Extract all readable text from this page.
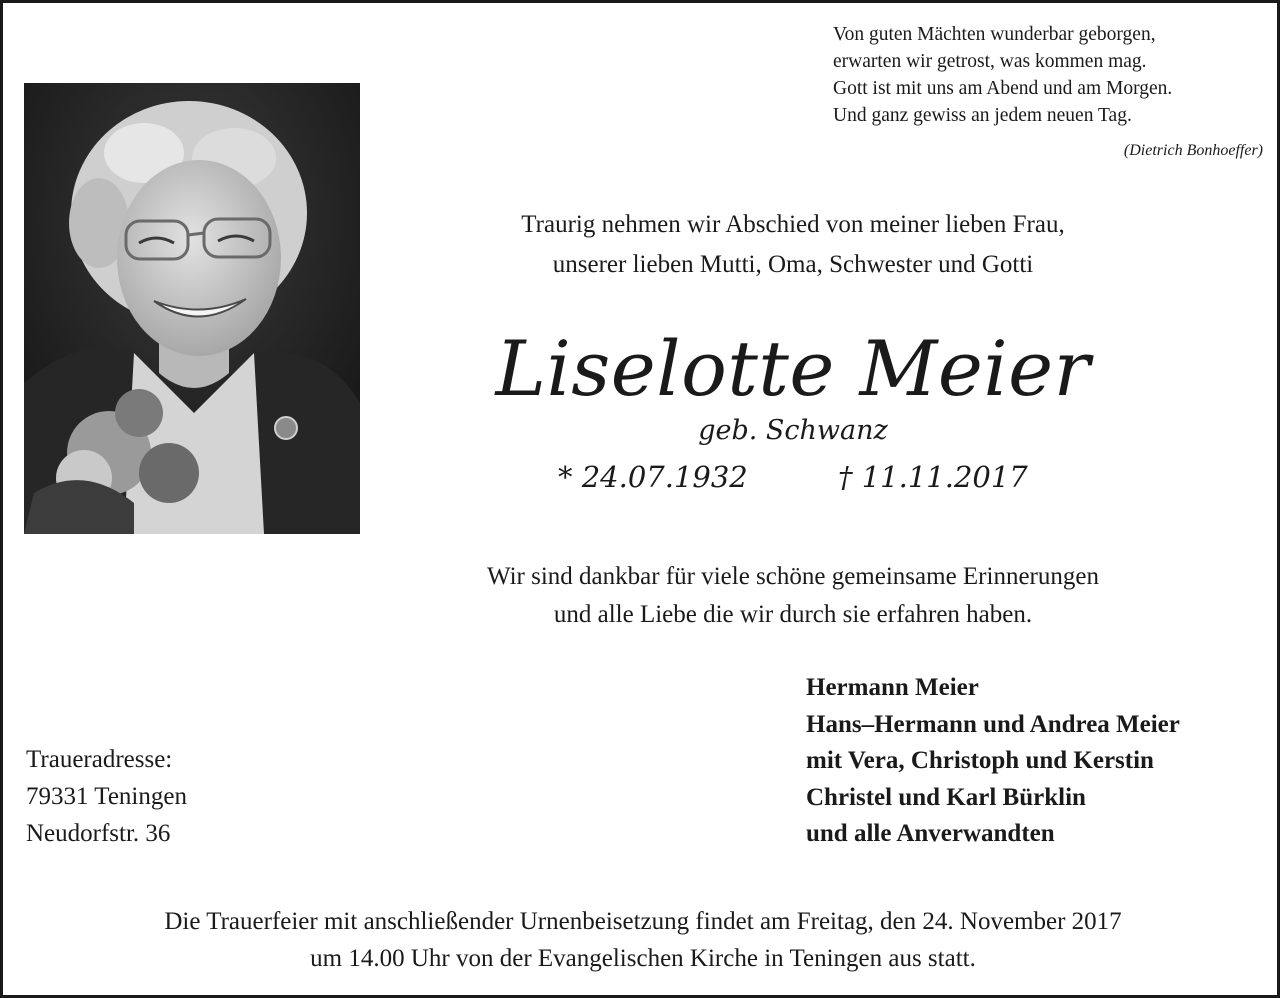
Von guten Mächten wunderbar geborgen,
erwarten wir getrost, was kommen mag.
Gott ist mit uns am Abend und am Morgen.
Und ganz gewiss an jedem neuen Tag.
(Dietrich Bonhoeffer)
Traurig nehmen wir Abschied von meiner lieben Frau,
unserer lieben Mutti, Oma, Schwester und Gotti
Liselotte Meier
geb. Schwanz
* 24.07.1932	† 11.11.2017
Wir sind dankbar für viele schöne gemeinsame Erinnerungen
und alle Liebe die wir durch sie erfahren haben.
Hermann Meier
Hans–Hermann und Andrea Meier
mit Vera, Christoph und Kerstin
Christel und Karl Bürklin
und alle Anverwandten
Traueradresse:
79331 Teningen
Neudorfstr. 36
Die Trauerfeier mit anschließender Urnenbeisetzung findet am Freitag, den 24. November 2017
um 14.00 Uhr von der Evangelischen Kirche in Teningen aus statt.
